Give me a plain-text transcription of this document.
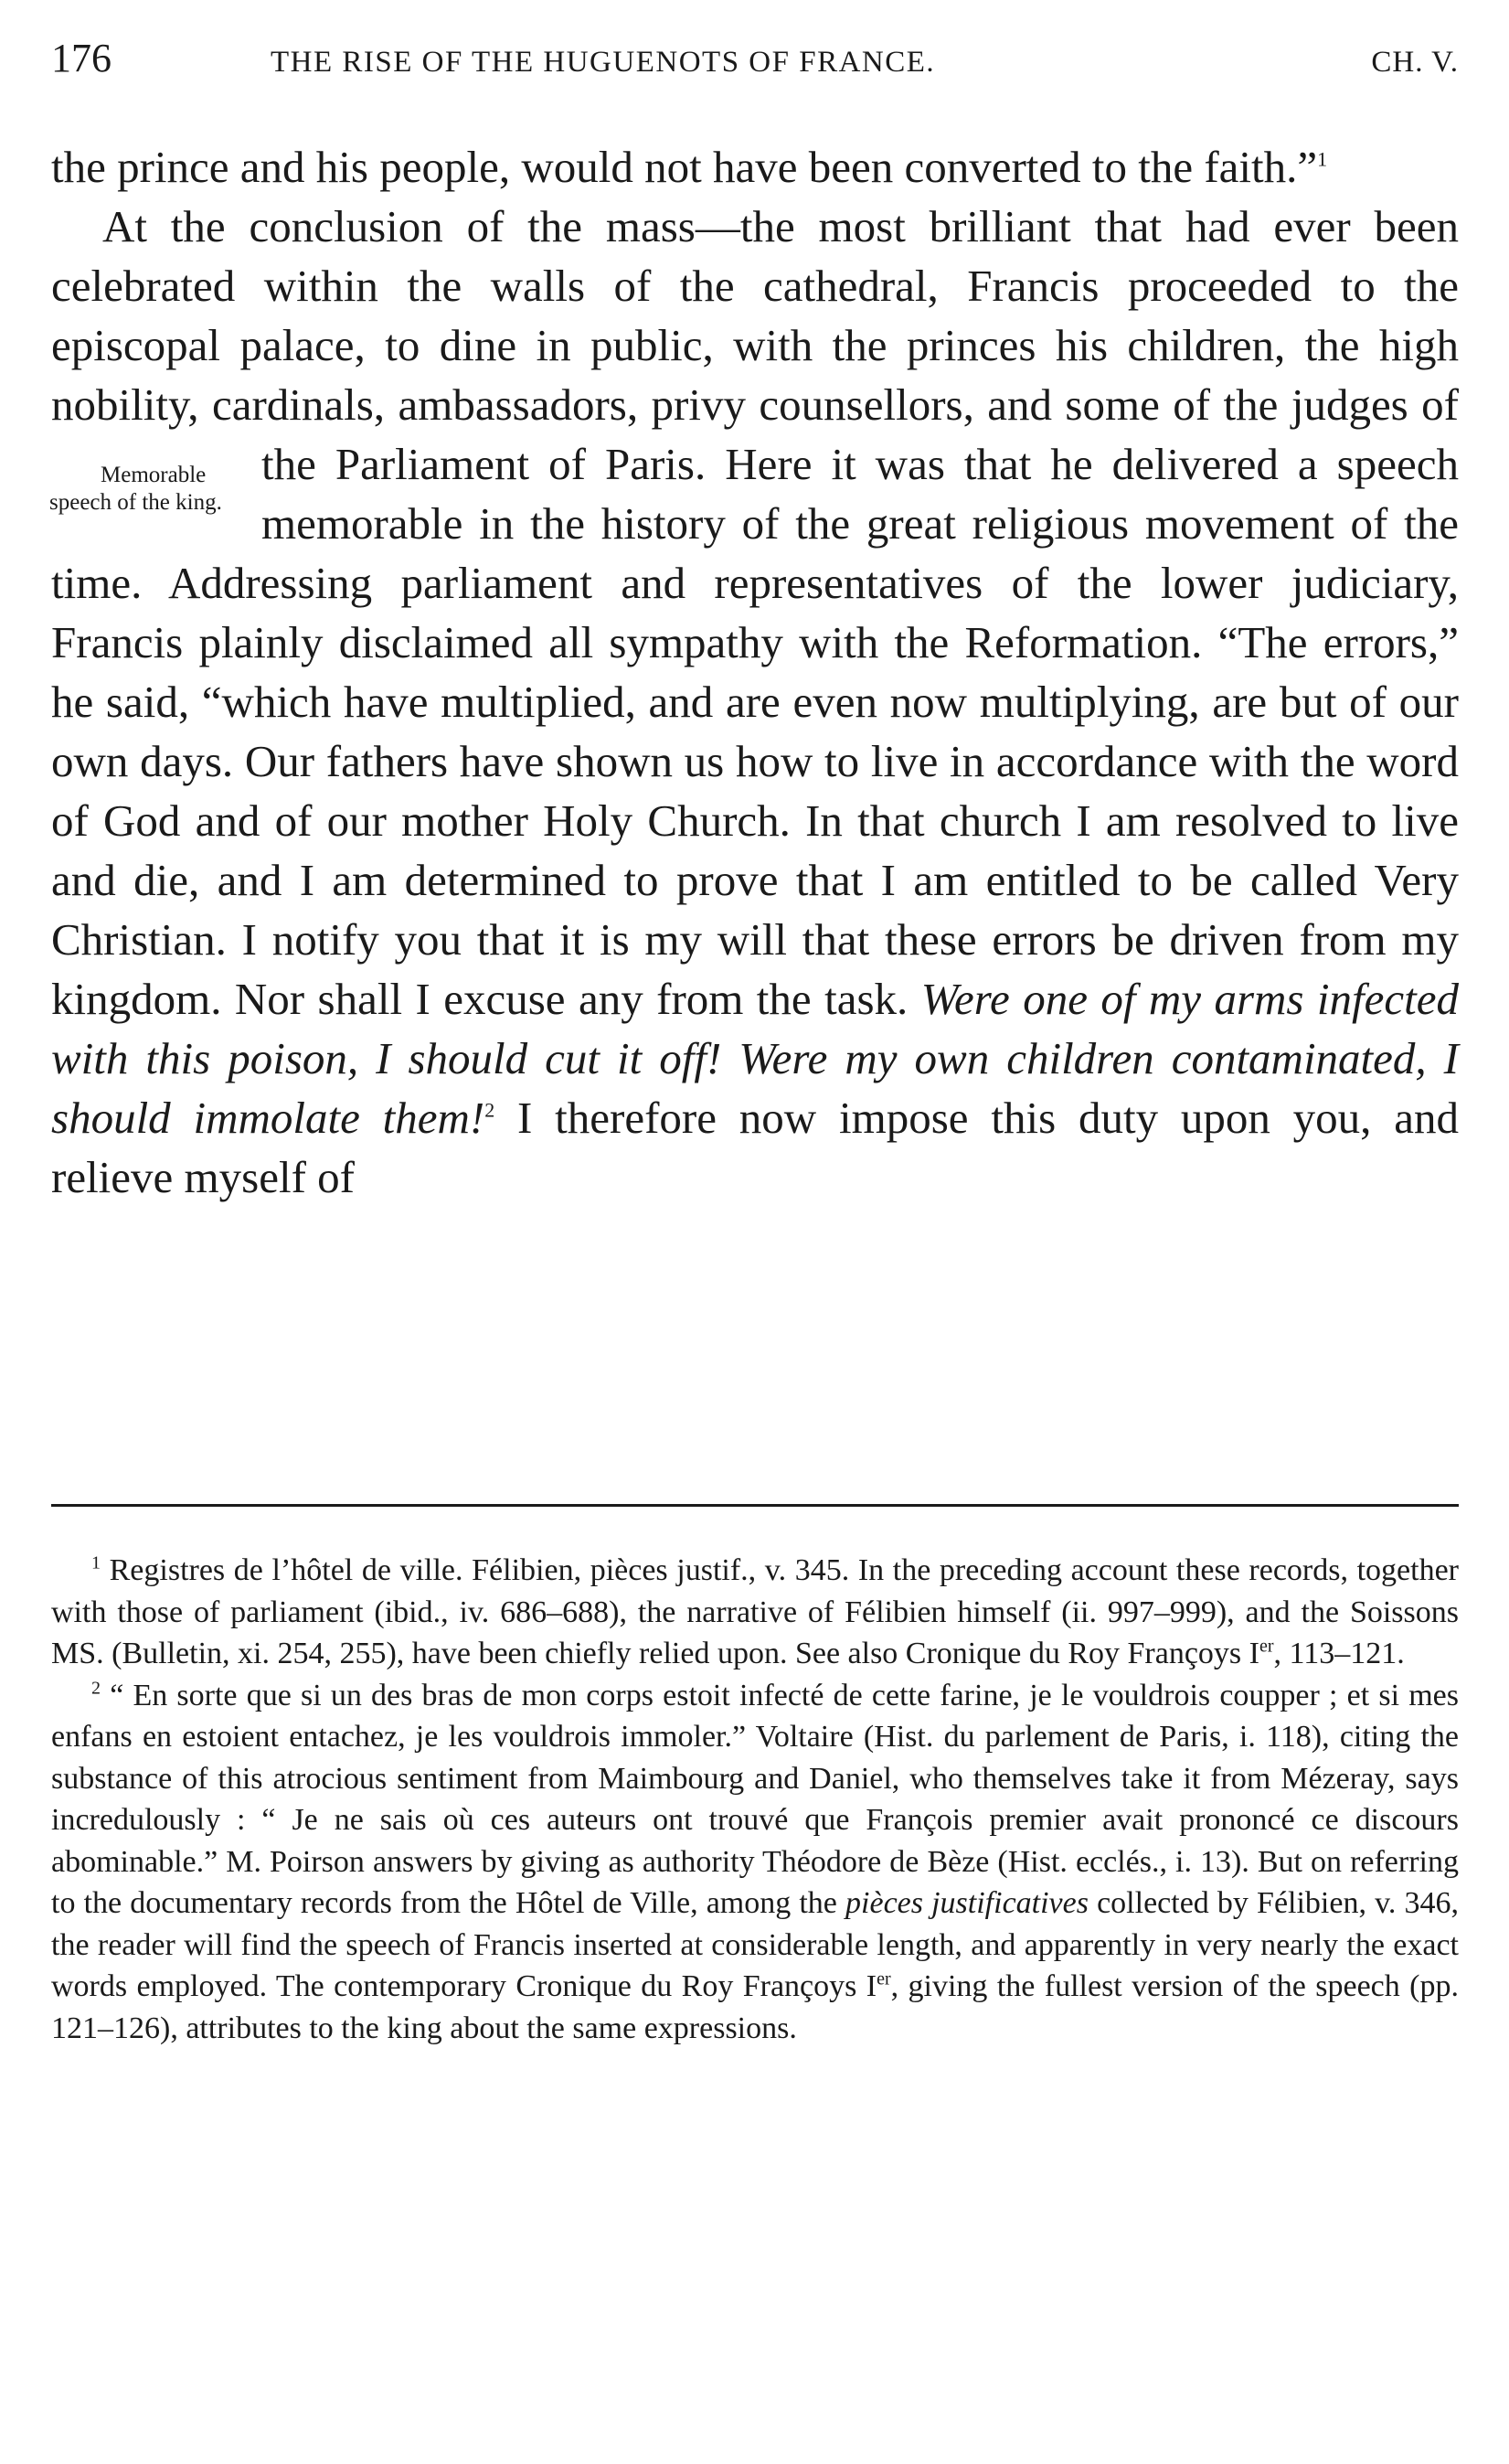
176	THE RISE OF THE HUGUENOTS OF FRANCE.	CH. V.

the prince and his people, would not have been converted to the faith.”$^1$

At the conclusion of the mass—the most brilliant that had ever been celebrated within the walls of the cathedral, Francis proceeded to the episcopal palace, to dine in public, with the princes his children, the high nobility, cardinals, ambassadors, privy counsellors, and some of the judges of the Parliament of
Memorable speech of the king.
Paris. Here it was that he delivered a speech memorable in the history of the great religious movement of the time. Addressing parliament and representatives of the lower judiciary, Francis plainly disclaimed all sympathy with the Reformation. “The errors,” he said, “which have multiplied, and are even now multiplying, are but of our own days. Our fathers have shown us how to live in accordance with the word of God and of our mother Holy Church. In that church I am resolved to live and die, and I am determined to prove that I am entitled to be called Very Christian. I notify you that it is my will that these errors be driven from my kingdom. Nor shall I excuse any from the task. Were one of my arms infected with this poison, I should cut it off! Were my own children contaminated, I should immolate them!$^2$ I therefore now impose this duty upon you, and relieve myself of

$^1$ Registres de l’hôtel de ville. Félibien, pièces justif., v. 345. In the preceding account these records, together with those of parliament (ibid., iv. 686–688), the narrative of Félibien himself (ii. 997–999), and the Soissons MS. (Bulletin, xi. 254, 255), have been chiefly relied upon. See also Cronique du Roy Françoys Ier, 113–121.

$^2$ “ En sorte que si un des bras de mon corps estoit infecté de cette farine, je le vouldrois coupper ; et si mes enfans en estoient entachez, je les vouldrois immoler.” Voltaire (Hist. du parlement de Paris, i. 118), citing the substance of this atrocious sentiment from Maimbourg and Daniel, who themselves take it from Mézeray, says incredulously : “ Je ne sais où ces auteurs ont trouvé que François premier avait prononcé ce discours abominable.” M. Poirson answers by giving as authority Théodore de Bèze (Hist. ecclés., i. 13). But on referring to the documentary records from the Hôtel de Ville, among the pièces justificatives collected by Félibien, v. 346, the reader will find the speech of Francis inserted at considerable length, and apparently in very nearly the exact words employed. The contemporary Cronique du Roy Françoys Ier, giving the fullest version of the speech (pp. 121–126), attributes to the king about the same expressions.
